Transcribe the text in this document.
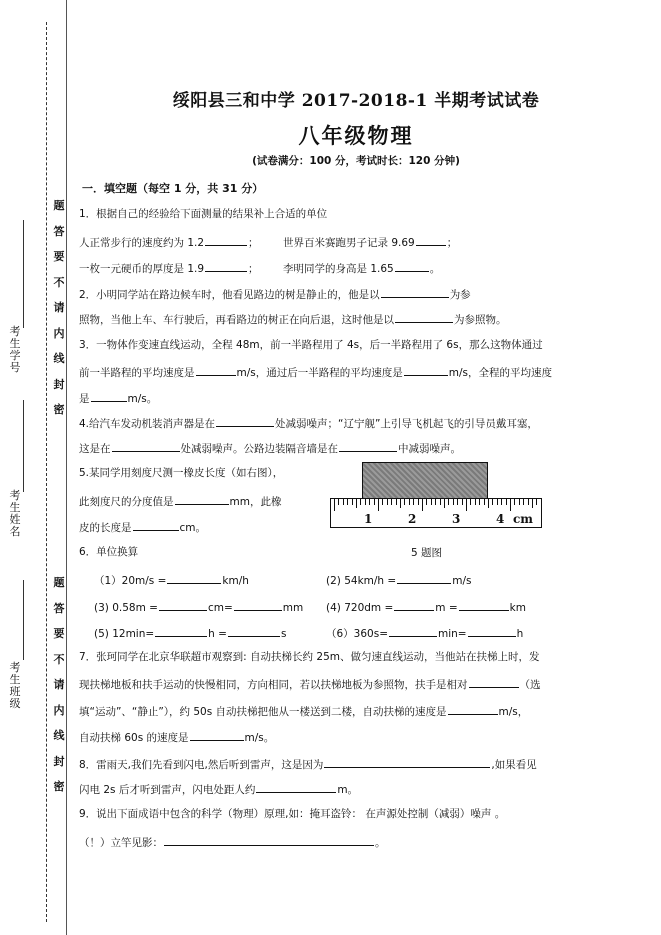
题
答
要
不
请
内
线
封
密
题
答
要
不
请
内
线
封
密
考生学号
考生姓名
考生班级
绥阳县三和中学 2017-2018-1 半期考试试卷
八年级物理
(试卷满分：100 分，考试时长：120 分钟)
一．填空题（每空 1 分，共 31 分）
1．根据自己的经验给下面测量的结果补上合适的单位
人正常步行的速度约为 1.2	； 世界百米赛跑男子记录 9.69	；
一枚一元硬币的厚度是 1.9	； 李明同学的身高是 1.65	。
2．小明同学站在路边候车时，他看见路边的树是静止的，他是以	为参
照物，当他上车、车行驶后，再看路边的树正在向后退，这时他是以	为参照物。
3．一物体作变速直线运动，全程 48m，前一半路程用了 4s，后一半路程用了 6s，那么这物体通过
前一半路程的平均速度是	m/s，通过后一半路程的平均速度是	m/s，全程的平均速度
是	m/s。
4.给汽车发动机装消声器是在	处减弱噪声；“辽宁舰”上引导飞机起飞的引导员戴耳塞，
这是在	处减弱噪声。公路边装隔音墙是在	中减弱噪声。
5.某同学用刻度尺测一橡皮长度（如右图），
此刻度尺的分度值是	mm，此橡
皮的长度是	cm。
1	2	3	4 cm
5 题图
6．单位换算
（1）20m/s =	km/h	(2) 54km/h =	m/s
(3) 0.58m =	cm=	mm (4) 720dm =	m =	km
(5) 12min=	h =	s	（6）360s=	min=	h
7．张珂同学在北京华联超市观察到: 自动扶梯长约 25m、做匀速直线运动，当他站在扶梯上时，发
现扶梯地板和扶手运动的快慢相同，方向相同，若以扶梯地板为参照物，扶手是相对	（选
填“运动”、“静止”），约 50s 自动扶梯把他从一楼送到二楼，自动扶梯的速度是	m/s，
自动扶梯 60s 的速度是	m/s。
8．雷雨天,我们先看到闪电,然后听到雷声，这是因为	,如果看见
闪电 2s 后才听到雷声，闪电处距人约	m。
9．说出下面成语中包含的科学（物理）原理,如：掩耳盗铃： 在声源处控制（减弱）噪声 。
（！）立竿见影：	。
